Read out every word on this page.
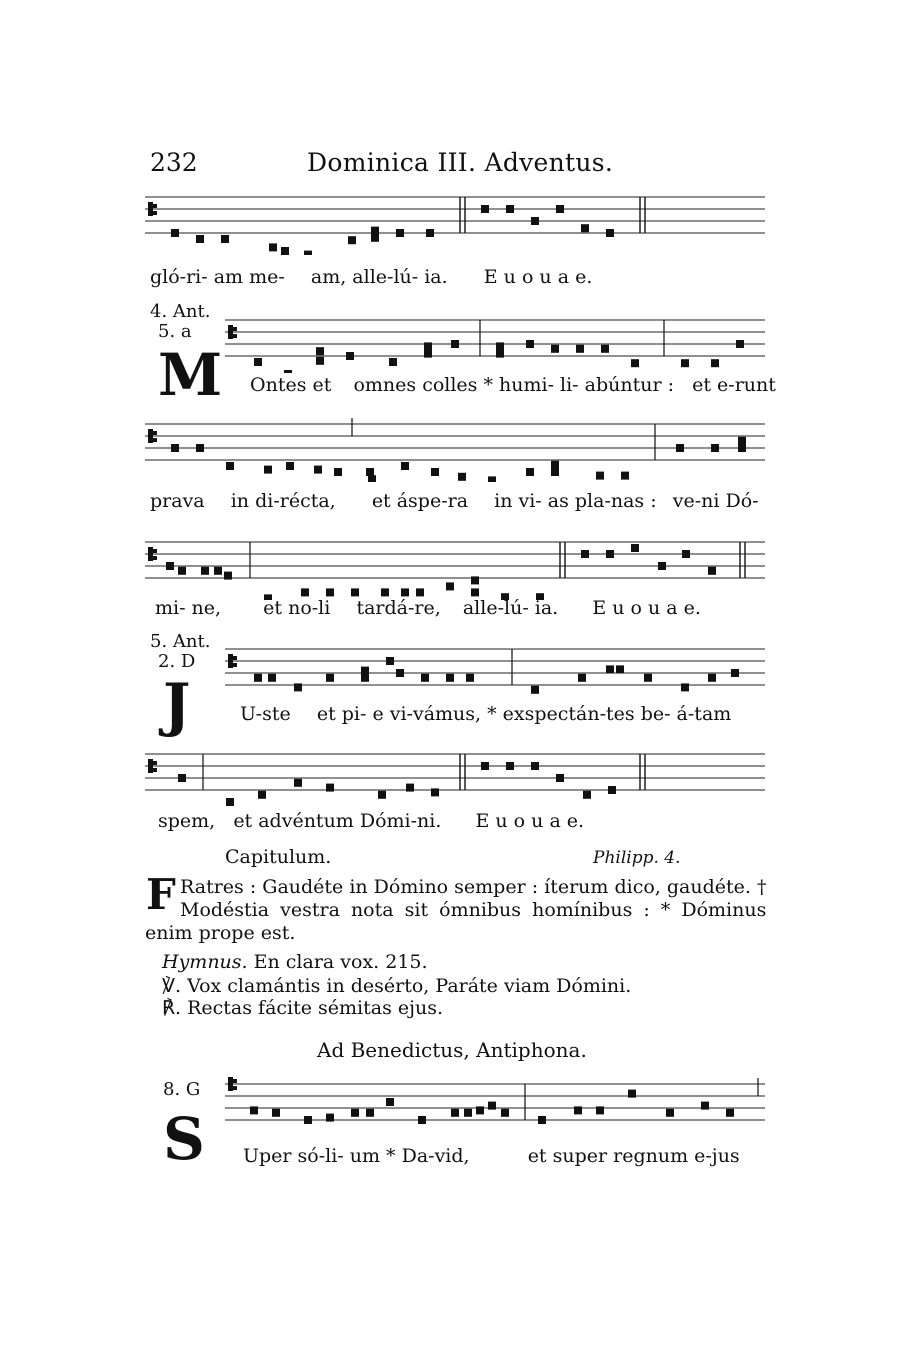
232	Dominica III. Adventus.
gló-ri- am me- am, alle-lú- ia. E u o u a e.
4. Ant.
5. a
M Ontes et omnes colles * humi- li- abúntur : et e-runt
prava in di-récta, et áspe-ra in vi- as pla-nas : ve-ni Dó-
mi- ne, et no-li tardá-re, alle-lú- ia. E u o u a e.
5. Ant.
2. D
J	U-ste et pi- e vi-vámus, * exspectán-tes be- á-tam
spem, et advéntum Dómi-ni. E u o u a e.
Capitulum.	Philipp. 4.
F Ratres : Gaudéte in Dómino semper : íterum dico, gaudéte. †
Modéstia vestra nota sit ómnibus homínibus : * Dóminus
enim prope est.
Hymnus. En clara vox. 215.
℣. Vox clamántis in desérto, Paráte viam Dómini.
℟. Rectas fácite sémitas ejus.
Ad Benedictus, Antiphona.
8. G
S Uper só-li- um * Da-vid,	et super regnum e-jus
